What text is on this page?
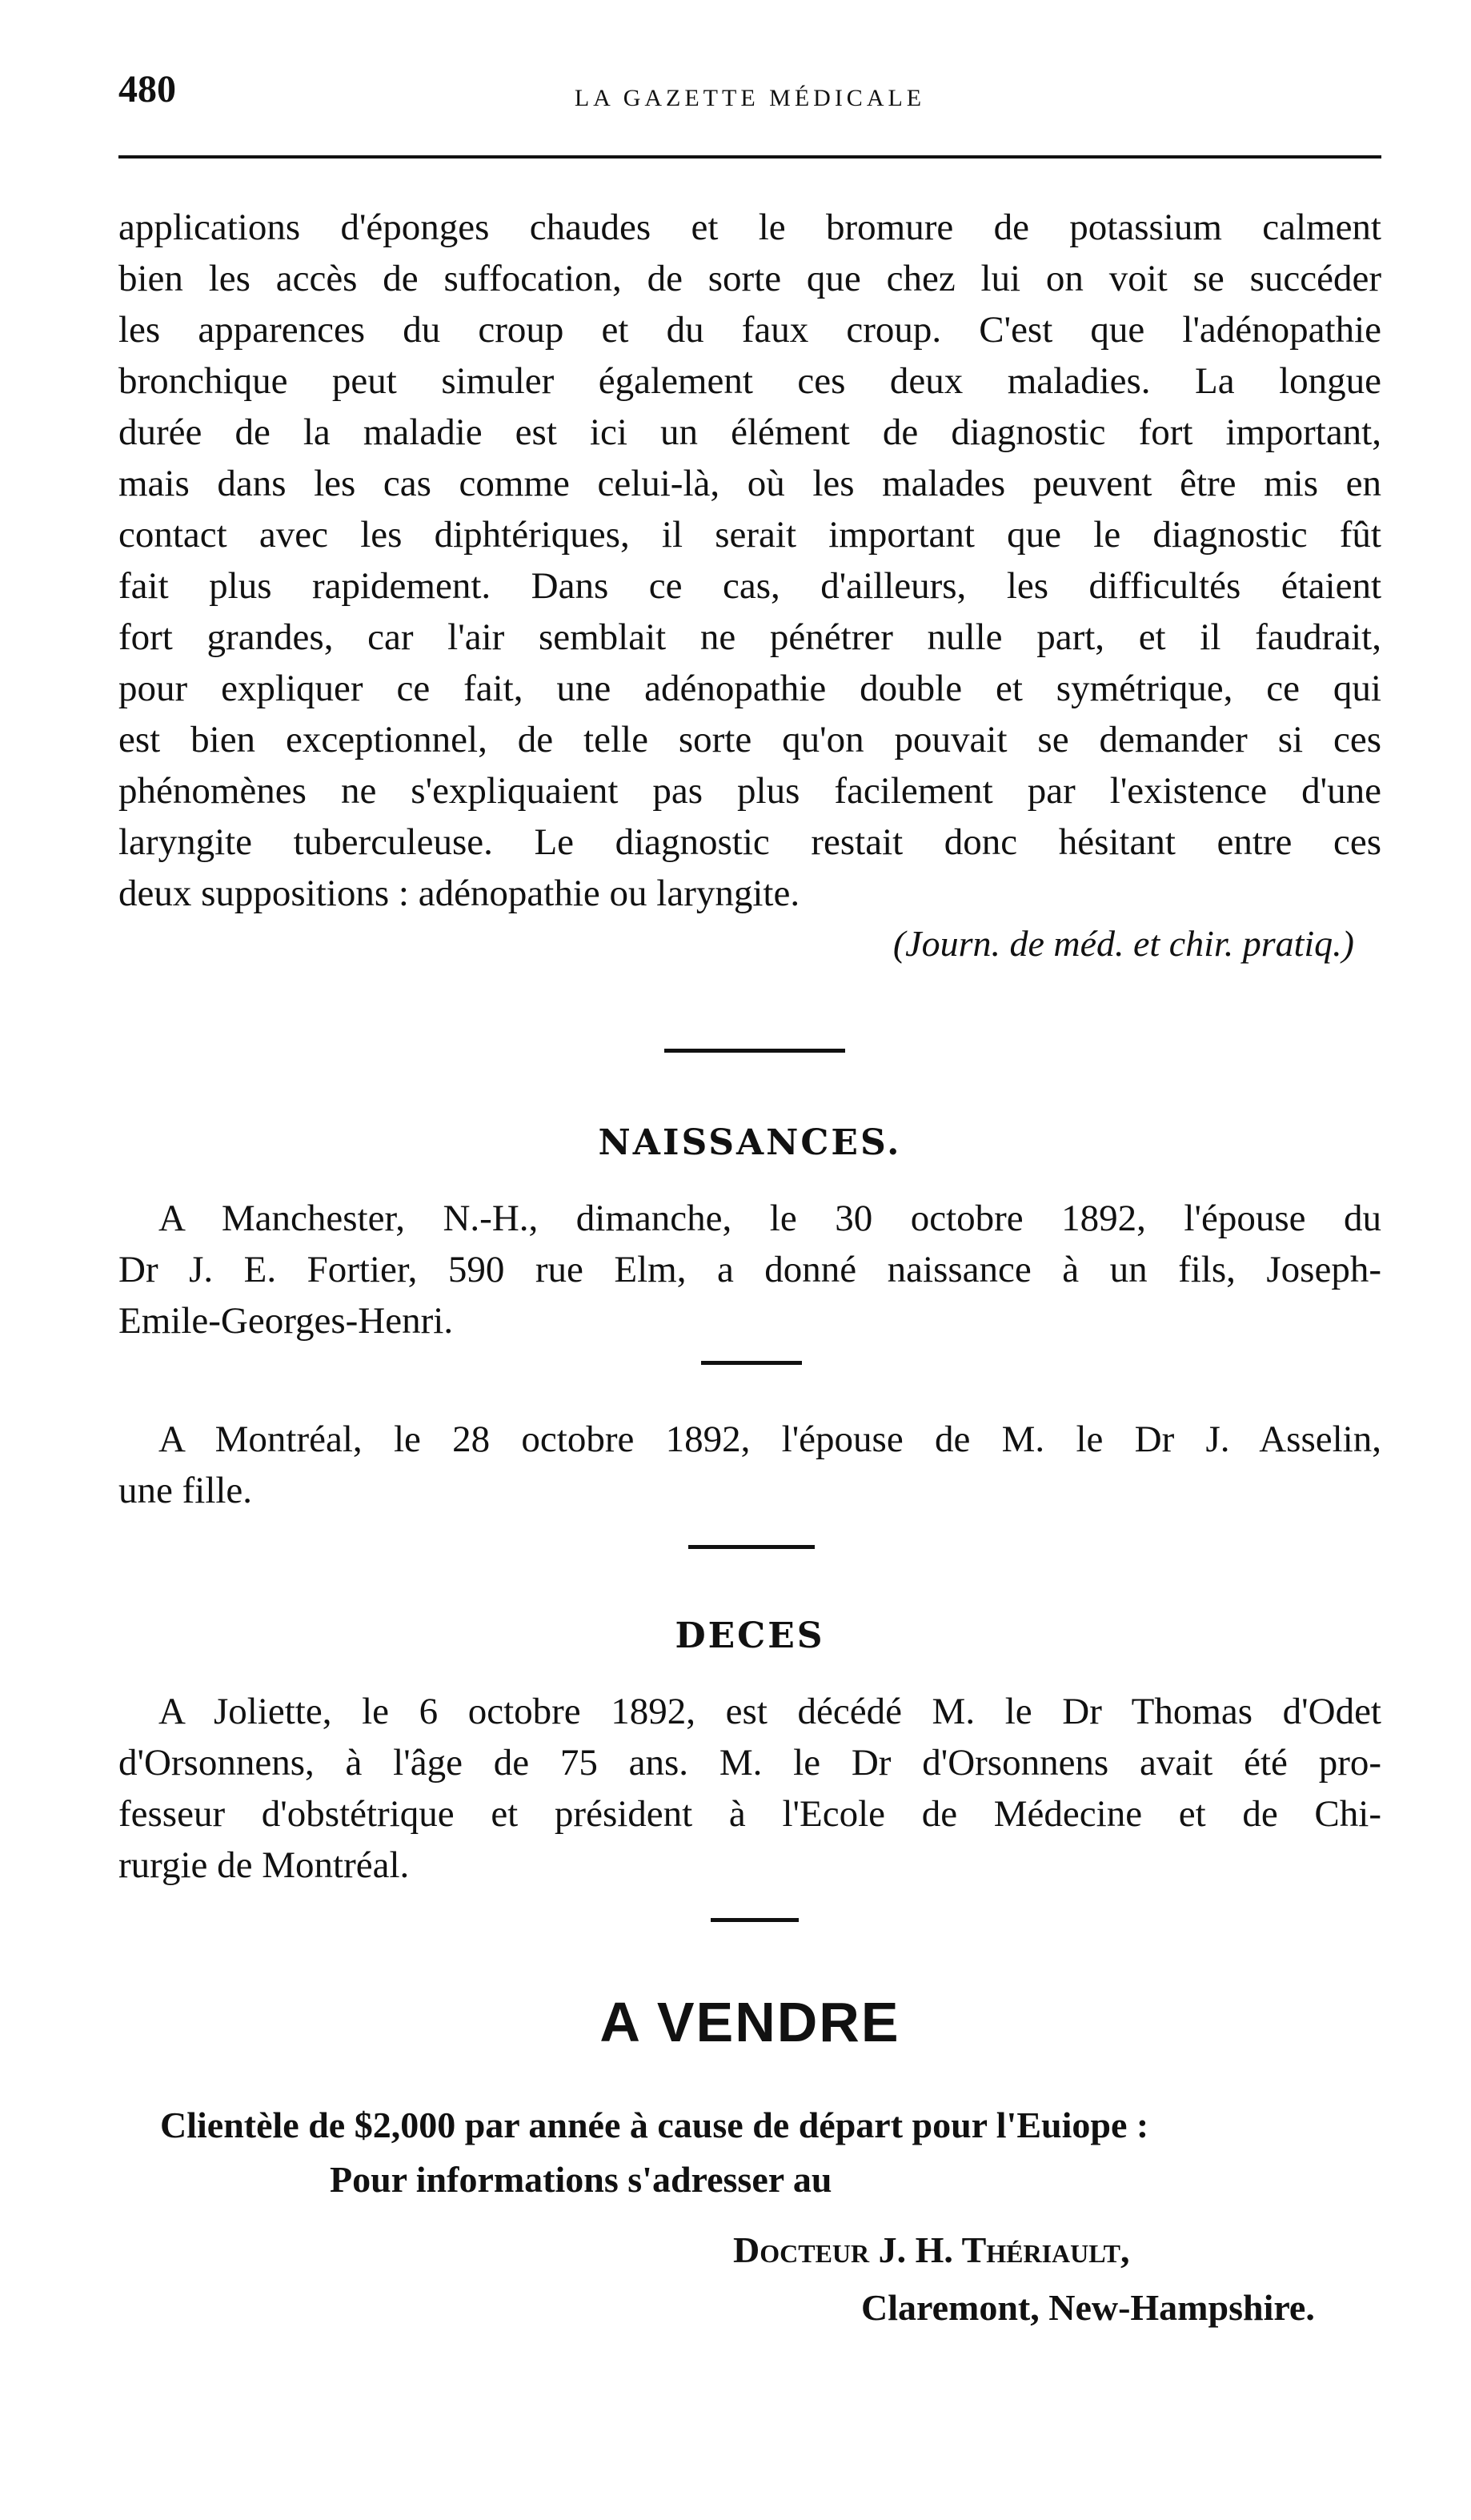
480	LA GAZETTE MÉDICALE

applications d'éponges chaudes et le bromure de potassium calment

bien les accès de suffocation, de sorte que chez lui on voit se succéder

les apparences du croup et du faux croup. C'est que l'adénopathie

bronchique peut simuler également ces deux maladies. La longue

durée de la maladie est ici un élément de diagnostic fort important,

mais dans les cas comme celui-là, où les malades peuvent être mis en

contact avec les diphtériques, il serait important que le diagnostic fût

fait plus rapidement. Dans ce cas, d'ailleurs, les difficultés étaient

fort grandes, car l'air semblait ne pénétrer nulle part, et il faudrait,

pour expliquer ce fait, une adénopathie double et symétrique, ce qui

est bien exceptionnel, de telle sorte qu'on pouvait se demander si ces

phénomènes ne s'expliquaient pas plus facilement par l'existence d'une

laryngite tuberculeuse. Le diagnostic restait donc hésitant entre ces

deux suppositions : adénopathie ou laryngite.

(Journ. de méd. et chir. pratiq.)
NAISSANCES.

A Manchester, N.-H., dimanche, le 30 octobre 1892, l'épouse du

Dr J. E. Fortier, 590 rue Elm, a donné naissance à un fils, Joseph-

Emile-Georges-Henri.

A Montréal, le 28 octobre 1892, l'épouse de M. le Dr J. Asselin,

une fille.

DECES

A Joliette, le 6 octobre 1892, est décédé M. le Dr Thomas d'Odet

d'Orsonnens, à l'âge de 75 ans. M. le Dr d'Orsonnens avait été pro-

fesseur d'obstétrique et président à l'Ecole de Médecine et de Chi-

rurgie de Montréal.

A VENDRE
Clientèle de $2,000 par année à cause de départ pour l'Euiope :
Pour informations s'adresser au
Docteur J. H. Thériault,
Claremont, New-Hampshire.
